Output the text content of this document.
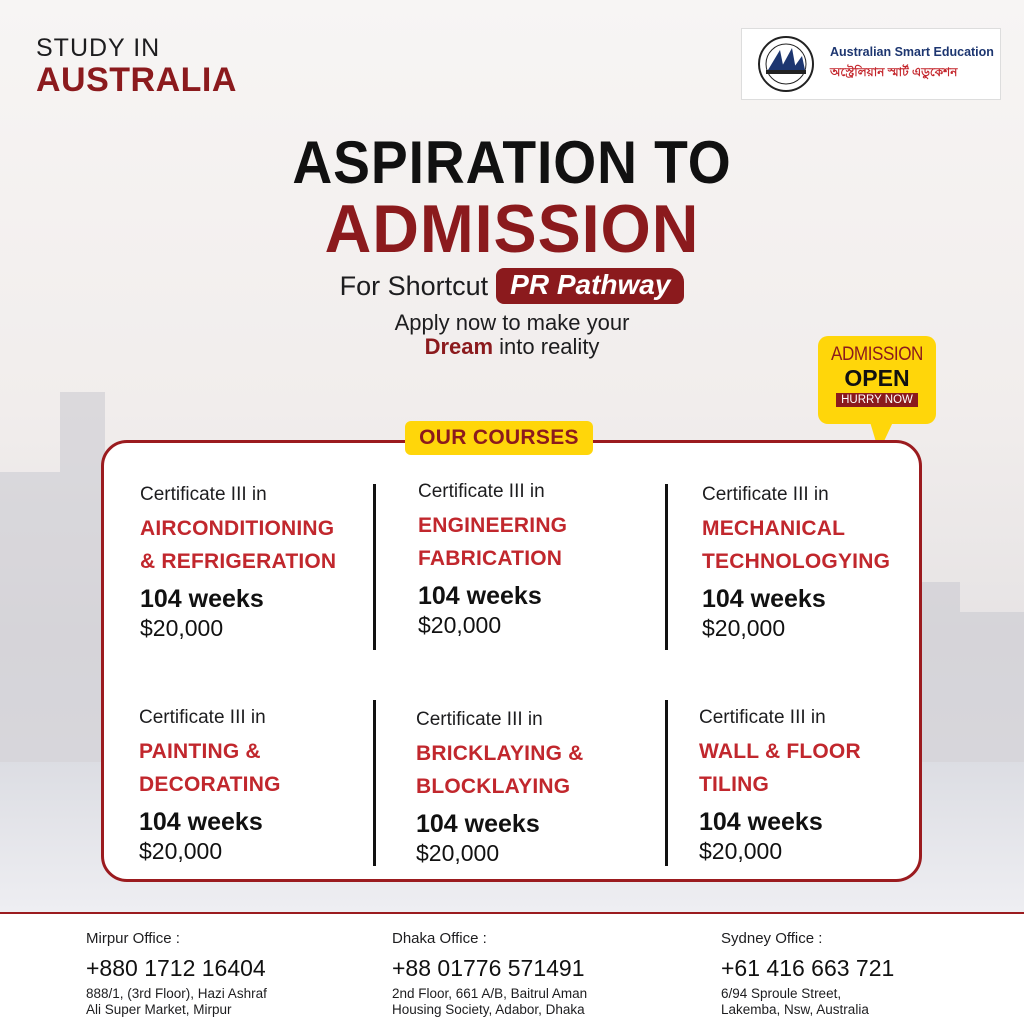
STUDY IN
AUSTRALIA
Australian Smart Education
অস্ট্রেলিয়ান স্মার্ট এডুকেশন
ASPIRATION TO
ADMISSION
For Shortcut PR Pathway
Apply now to make your
Dream into reality	ADMISSION
OPEN
HURRY NOW
OUR COURSES
Certificate III in
AIRCONDITIONING
& REFRIGERATION
104 weeks
$20,000
Certificate III in
ENGINEERING
FABRICATION
104 weeks
$20,000
Certificate III in
MECHANICAL
TECHNOLOGYING
104 weeks
$20,000
Certificate III in
PAINTING &
DECORATING
104 weeks
$20,000
Certificate III in
BRICKLAYING &
BLOCKLAYING
104 weeks
$20,000
Certificate III in
WALL & FLOOR
TILING
104 weeks
$20,000
Mirpur Office :
+880 1712 16404
888/1, (3rd Floor), Hazi Ashraf
Ali Super Market, Mirpur
Dhaka Office :
+88 01776 571491
2nd Floor, 661 A/B, Baitrul Aman
Housing Society, Adabor, Dhaka
Sydney Office :
+61 416 663 721
6/94 Sproule Street,
Lakemba, Nsw, Australia
